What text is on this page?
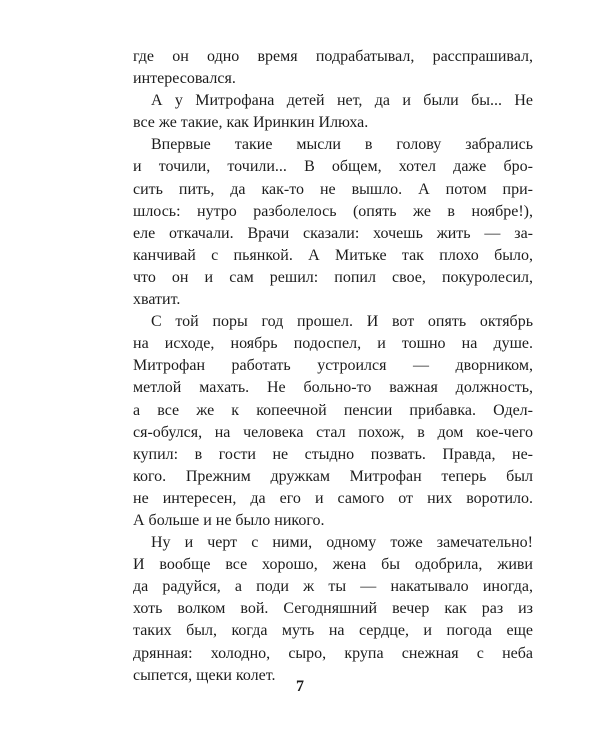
где он одно время подрабатывал, расспрашивал,
интересовался.
А у Митрофана детей нет, да и были бы... Не
все же такие, как Иринкин Илюха.
Впервые такие мысли в голову забрались
и точили, точили... В общем, хотел даже бро-
сить пить, да как-то не вышло. А потом при-
шлось: нутро разболелось (опять же в ноябре!),
еле откачали. Врачи сказали: хочешь жить — за-
канчивай с пьянкой. А Митьке так плохо было,
что он и сам решил: попил свое, покуролесил,
хватит.
С той поры год прошел. И вот опять октябрь
на исходе, ноябрь подоспел, и тошно на душе.
Митрофан работать устроился — дворником,
метлой махать. Не больно-то важная должность,
а все же к копеечной пенсии прибавка. Одел-
ся-обулся, на человека стал похож, в дом кое-чего
купил: в гости не стыдно позвать. Правда, не-
кого. Прежним дружкам Митрофан теперь был
не интересен, да его и самого от них воротило.
А больше и не было никого.
Ну и черт с ними, одному тоже замечательно!
И вообще все хорошо, жена бы одобрила, живи
да радуйся, а поди ж ты — накатывало иногда,
хоть волком вой. Сегодняшний вечер как раз из
таких был, когда муть на сердце, и погода еще
дрянная: холодно, сыро, крупа снежная с неба
сыпется, щеки колет.
7
